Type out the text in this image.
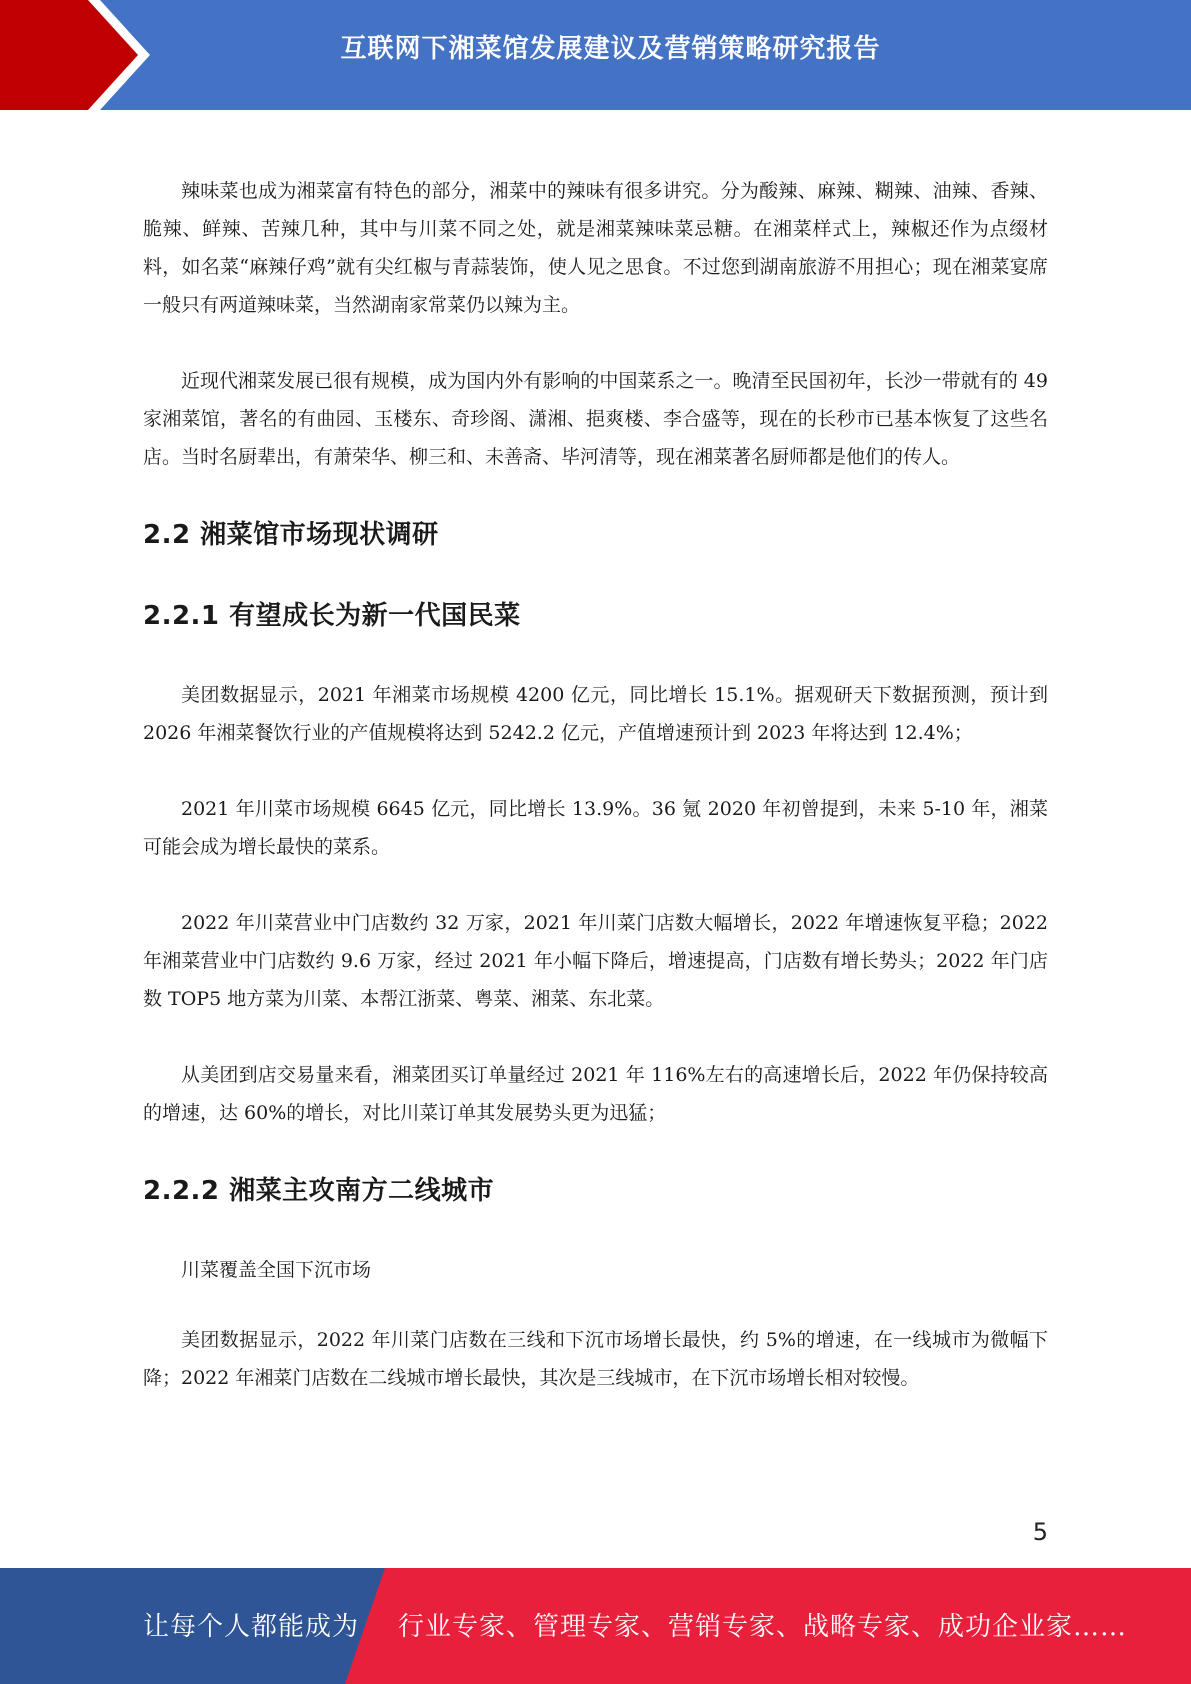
互联网下湘菜馆发展建议及营销策略研究报告

辣味菜也成为湘菜富有特色的部分，湘菜中的辣味有很多讲究。分为酸辣、麻辣、糊辣、油辣、香辣、脆辣、鲜辣、苦辣几种，其中与川菜不同之处，就是湘菜辣味菜忌糖。在湘菜样式上，辣椒还作为点缀材料，如名菜“麻辣仔鸡”就有尖红椒与青蒜装饰，使人见之思食。不过您到湖南旅游不用担心；现在湘菜宴席一般只有两道辣味菜，当然湖南家常菜仍以辣为主。

近现代湘菜发展已很有规模，成为国内外有影响的中国菜系之一。晚清至民国初年，长沙一带就有的 49 家湘菜馆，著名的有曲园、玉楼东、奇珍阁、潇湘、挹爽楼、李合盛等，现在的长秒市已基本恢复了这些名店。当时名厨辈出，有萧荣华、柳三和、未善斋、毕河清等，现在湘菜著名厨师都是他们的传人。

2.2 湘菜馆市场现状调研
2.2.1 有望成长为新一代国民菜

美团数据显示，2021 年湘菜市场规模 4200 亿元，同比增长 15.1%。据观研天下数据预测，预计到 2026 年湘菜餐饮行业的产值规模将达到 5242.2 亿元，产值增速预计到 2023 年将达到 12.4%；

2021 年川菜市场规模 6645 亿元，同比增长 13.9%。36 氪 2020 年初曾提到，未来 5-10 年，湘菜可能会成为增长最快的菜系。

2022 年川菜营业中门店数约 32 万家，2021 年川菜门店数大幅增长，2022 年增速恢复平稳；2022 年湘菜营业中门店数约 9.6 万家，经过 2021 年小幅下降后，增速提高，门店数有增长势头；2022 年门店数 TOP5 地方菜为川菜、本帮江浙菜、粤菜、湘菜、东北菜。

从美团到店交易量来看，湘菜团买订单量经过 2021 年 116%左右的高速增长后，2022 年仍保持较高的增速，达 60%的增长，对比川菜订单其发展势头更为迅猛；

2.2.2 湘菜主攻南方二线城市

川菜覆盖全国下沉市场

美团数据显示，2022 年川菜门店数在三线和下沉市场增长最快，约 5%的增速，在一线城市为微幅下降；2022 年湘菜门店数在二线城市增长最快，其次是三线城市，在下沉市场增长相对较慢。

5
让每个人都能成为 行业专家、管理专家、营销专家、战略专家、成功企业家……
